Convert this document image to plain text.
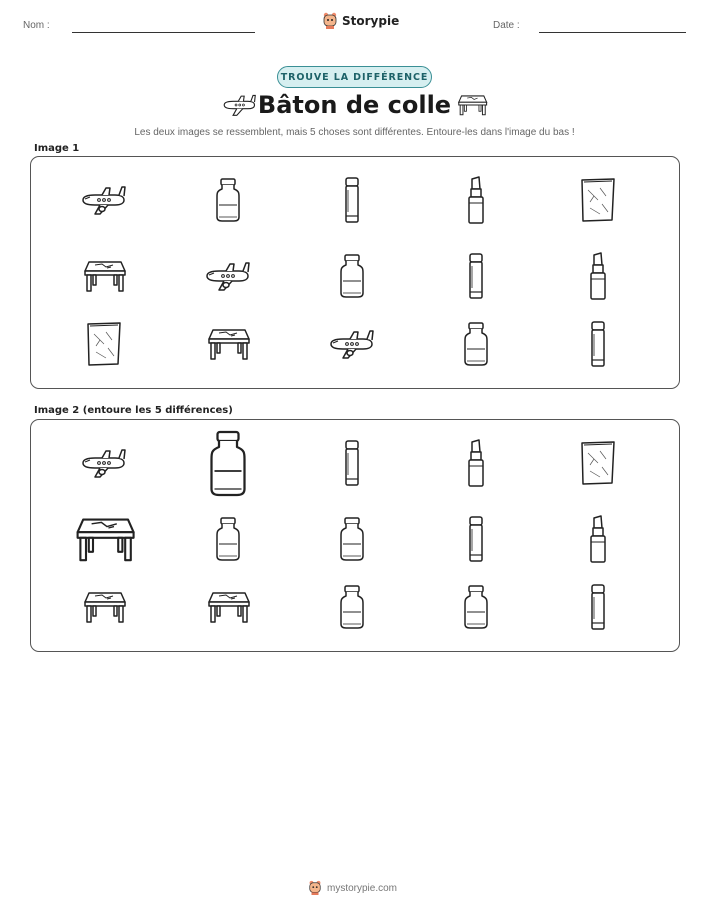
Nom :	Storypie	Date :
TROUVE LA DIFFÉRENCE
Bâton de colle
Les deux images se ressemblent, mais 5 choses sont différentes. Entoure-les dans l'image du bas !
Image 1
Image 2 (entoure les 5 différences)
mystorypie.com
